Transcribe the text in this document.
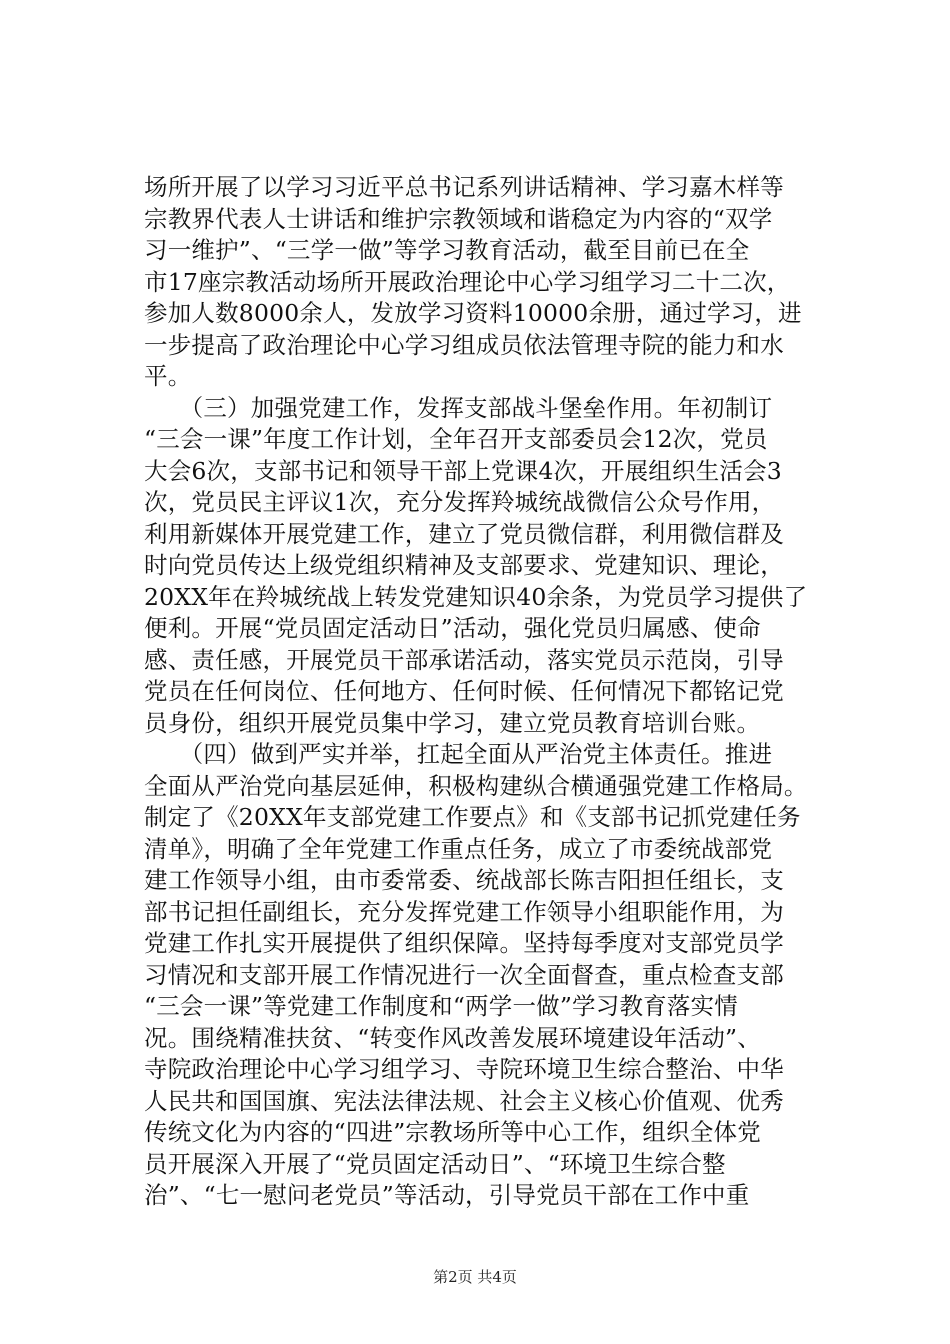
场所开展了以学习习近平总书记系列讲话精神、学习嘉木样等
宗教界代表人士讲话和维护宗教领域和谐稳定为内容的“双学
习一维护”、“三学一做”等学习教育活动，截至目前已在全
市17座宗教活动场所开展政治理论中心学习组学习二十二次，
参加人数8000余人，发放学习资料10000余册，通过学习，进
一步提高了政治理论中心学习组成员依法管理寺院的能力和水
平。
　　（三）加强党建工作，发挥支部战斗堡垒作用。年初制订
“三会一课”年度工作计划，全年召开支部委员会12次，党员
大会6次，支部书记和领导干部上党课4次，开展组织生活会3
次，党员民主评议1次，充分发挥羚城统战微信公众号作用，
利用新媒体开展党建工作，建立了党员微信群，利用微信群及
时向党员传达上级党组织精神及支部要求、党建知识、理论，
20XX年在羚城统战上转发党建知识40余条，为党员学习提供了
便利。开展“党员固定活动日”活动，强化党员归属感、使命
感、责任感，开展党员干部承诺活动，落实党员示范岗，引导
党员在任何岗位、任何地方、任何时候、任何情况下都铭记党
员身份，组织开展党员集中学习，建立党员教育培训台账。
　　（四）做到严实并举，扛起全面从严治党主体责任。推进
全面从严治党向基层延伸，积极构建纵合横通强党建工作格局。
制定了《20XX年支部党建工作要点》和《支部书记抓党建任务
清单》，明确了全年党建工作重点任务，成立了市委统战部党
建工作领导小组，由市委常委、统战部长陈吉阳担任组长，支
部书记担任副组长，充分发挥党建工作领导小组职能作用，为
党建工作扎实开展提供了组织保障。坚持每季度对支部党员学
习情况和支部开展工作情况进行一次全面督查，重点检查支部
“三会一课”等党建工作制度和“两学一做”学习教育落实情
况。围绕精准扶贫、“转变作风改善发展环境建设年活动”、
寺院政治理论中心学习组学习、寺院环境卫生综合整治、中华
人民共和国国旗、宪法法律法规、社会主义核心价值观、优秀
传统文化为内容的“四进”宗教场所等中心工作，组织全体党
员开展深入开展了“党员固定活动日”、“环境卫生综合整
治”、“七一慰问老党员”等活动，引导党员干部在工作中重
第2页 共4页
